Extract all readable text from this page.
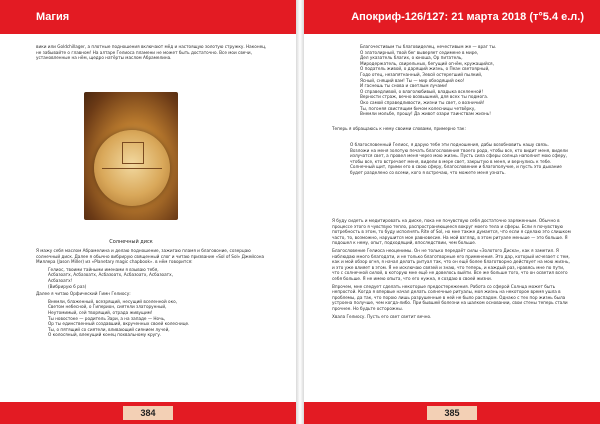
Магия

вики или Goldchillager, а плотные подношения включают мёд и настоящую золотую стружку. Наконец, не забывайте о главном! На алтаре Гелиоса пламени не может быть достаточно. Все мои свечи, установленные на нём, щедро натёрты маслом Абрамелина.

Солнечный диск

Я мажу себя маслом Абрамелина и делаю подношение, зажигаю пламя и благовоние, созерцаю солнечный диск. Далее я обычно вибрирую священный слог и читаю призвание «Sol of Sol» Джейсона Миллера (Jason Miller) из «Planetary magic chapbook». в нём говорится:

Гелиос, твоими тайными именами я взываю тебя,

Асбазоатх, Асбазоатх, Асбазоатх, Асбазоатх, Асбазоатх,

Асбазоатх!

(Вибрирую 6 раз)

Далее я читаю Орфический Гимн Гелиосу:

Внемли, блаженный, всезрящий, несущий вселенной око,

Светом небесной, о Гиперион, сиятели златорунный,

Неутомимый, сей творящий, отрада живущим!

Ты новостоке — родитель Зари, а на западе — Ночь,

Ор ты единственный создавший, вкрученных своей колеснице.

Ты, о пятящий со сиятели, вливающий сиянием лучей,

О колосяный, влекущий конец похвальному кругу.

384
Апокриф-126/127: 21 марта 2018 (т°5.4 е.л.)

Благочестивым ты благовиделец, нечестивым же — враг ты.

О златолирный, твой бег выверяет седимене в мире,

Дел указатель благих, о юноша, Ор питатель,

Миродержатель, свирельных, бегущий огнём, кружащийся,

О податель живой, о дарящий жизнь, о Пеан светоярный,

Годо отец, незапятнанный, Зевсй остерегший пылкий,

Ясный, снящий вам! Ты — мир обходящий око!

И гаснешь ты снова и светлым лучами!

О справедливой, о влаголюбивый, владыка вселенной!

Верности страж, вечно возвышний, для всех ты подмога.

Око самой справедливости, жизни ты свет, о возничий!

Ты, погоняя свистящим бичом колесницы четвёрку,

Внемли мольбе, прошу! Да живот озари таинствам жизнь!

Теперь я обращаюсь к нему своими словами, примерно так:

О благословенный Гелиос, я дарую тебе эти подношения, дабы возобновить нашу связь. Возложи на меня золотую печать благословения твоего рода, чтобы все, кто видит меня, видели излучатся свет, а провел меня через мою жизнь. Пусть сила сферы солнца наполнит мою сферу, чтобы все, кто встречает меня, видели в мере свет, закрытую в меня, и вернулись к тебе. Солнечный щит, прими его в свою сферу, благословение и благополучие, и пусть это дыхание будет разделено со всеми, кого я встречаю, что можете меня узнать.

Я буду сидеть и медитировать на диске, пока не почувствую себя достаточно заряженным. Обычно в процессе этого я чувствую тепло, распространяющееся вокруг моего тела и сферы. Если я почувствую потребность в этом, то буду исполнять Rite of Sol, но мне также думается, что если я сделаю это слишком часто, то, возможно, нарушится мое равновесие. На мой взгляд, в этом ритуале меньше — это больше. Я подошел к нему, опыт, подходящий, впоследствии, чем больше.

Благословение Гелиоса неоценимы. Он не только передаёт силы «Золотого Диска», как я заметил. Я наблюдаю много благодати, и не только благотворные его применения. Это дар, который исчезает с тем, как и мой обзор огня, я начал делать ритуал так, что он ещё более благотворно действует на мою жизнь, и это уже влияет в этом. Я не исключаю связей и знаю, что теперь, и каждый раз, нравясь мне по пути, что с солнечной силой, в которую мне ещё не довелось выйти. Все же больше того, что он осветил всего себя больше. Я не имею опыта, что его нужна, я создаю в своей жизни.

Впрочем, мне следует сделать некоторые предостережения. Работа со сферой Солнца может быть непростой. Когда я впервые начал делать солнечные ритуалы, моя жизнь на некоторое время ушла в проблемы, да так, что порою лишь разрушенные в ней не было распадом. Однако с тех пор жизнь была устроена получше, чем когда-либо. При бывшей болезни на шалком основании, свои стены теперь стали прочнее. Но будьте осторожны.

Хвала Гелиосу. Пусть его свет светит вечно.

385
